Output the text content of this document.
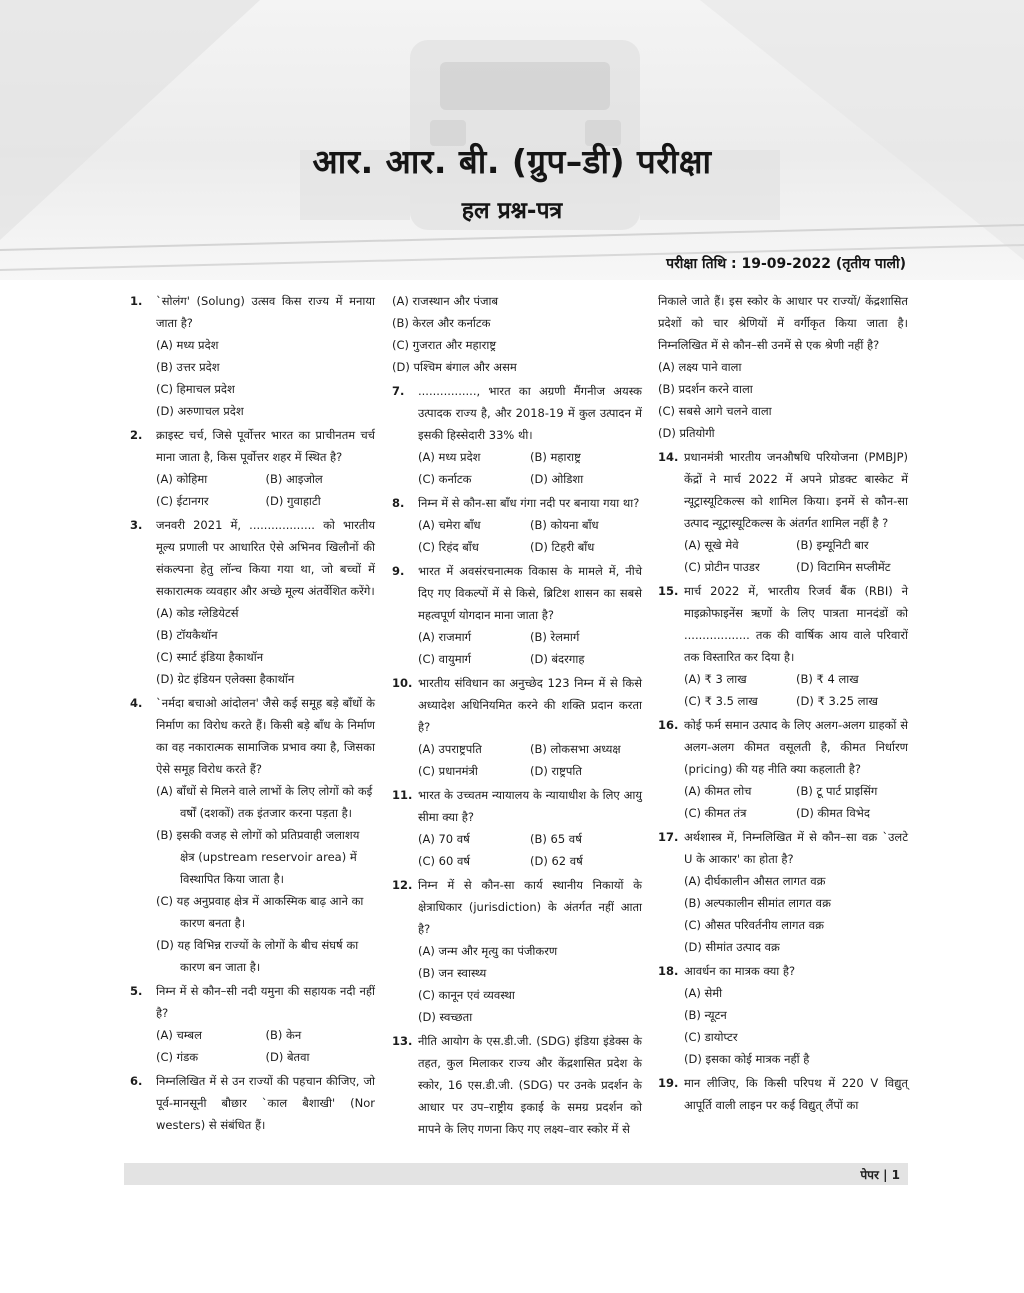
आर. आर. बी. (ग्रुप–डी) परीक्षा
हल प्रश्न-पत्र
परीक्षा तिथि : 19-09-2022 (तृतीय पाली)
1. `सोलंग' (Solung) उत्सव किस राज्य में मनाया जाता है?
(A) मध्य प्रदेश
(B) उत्तर प्रदेश
(C) हिमाचल प्रदेश
(D) अरुणाचल प्रदेश
2. क्राइस्ट चर्च, जिसे पूर्वोत्तर भारत का प्राचीनतम चर्च माना जाता है, किस पूर्वोत्तर शहर में स्थित है?
(A) कोहिमा	(B) आइजोल
(C) ईटानगर	(D) गुवाहाटी
3. जनवरी 2021 में, .................. को भारतीय मूल्य प्रणाली पर आधारित ऐसे अभिनव खिलौनों की संकल्पना हेतु लॉन्च किया गया था, जो बच्चों में सकारात्मक व्यवहार और अच्छे मूल्य अंतर्वेशित करेंगे।
(A) कोड ग्लेडियेटर्स
(B) टॉयकैथॉन
(C) स्मार्ट इंडिया हैकाथॉन
(D) ग्रेट इंडियन एलेक्सा हैकाथॉन
4. `नर्मदा बचाओ आंदोलन' जैसे कई समूह बड़े बाँधों के निर्माण का विरोध करते हैं। किसी बड़े बाँध के निर्माण का वह नकारात्मक सामाजिक प्रभाव क्या है, जिसका ऐसे समूह विरोध करते हैं?
(A) बाँधों से मिलने वाले लाभों के लिए लोगों को कई वर्षों (दशकों) तक इंतजार करना पड़ता है।
(B) इसकी वजह से लोगों को प्रतिप्रवाही जलाशय क्षेत्र (upstream reservoir area) में विस्थापित किया जाता है।
(C) यह अनुप्रवाह क्षेत्र में आकस्मिक बाढ़ आने का कारण बनता है।
(D) यह विभिन्न राज्यों के लोगों के बीच संघर्ष का कारण बन जाता है।
5. निम्न में से कौन–सी नदी यमुना की सहायक नदी नहीं है?
(A) चम्बल	(B) केन
(C) गंडक	(D) बेतवा
6. निम्नलिखित में से उन राज्यों की पहचान कीजिए, जो पूर्व-मानसूनी बौछार `काल बैशाखी' (Nor westers) से संबंधित हैं।
(A) राजस्थान और पंजाब
(B) केरल और कर्नाटक
(C) गुजरात और महाराष्ट्र
(D) पश्चिम बंगाल और असम
7. ................, भारत का अग्रणी मैंगनीज अयस्क उत्पादक राज्य है, और 2018-19 में कुल उत्पादन में इसकी हिस्सेदारी 33% थी।
(A) मध्य प्रदेश	(B) महाराष्ट्र
(C) कर्नाटक	(D) ओडिशा
8. निम्न में से कौन-सा बाँध गंगा नदी पर बनाया गया था?
(A) चमेरा बाँध	(B) कोयना बाँध
(C) रिहंद बाँध	(D) टिहरी बाँध
9. भारत में अवसंरचनात्मक विकास के मामले में, नीचे दिए गए विकल्पों में से किसे, ब्रिटिश शासन का सबसे महत्वपूर्ण योगदान माना जाता है?
(A) राजमार्ग	(B) रेलमार्ग
(C) वायुमार्ग	(D) बंदरगाह
10. भारतीय संविधान का अनुच्छेद 123 निम्न में से किसे अध्यादेश अधिनियमित करने की शक्ति प्रदान करता है?
(A) उपराष्ट्रपति	(B) लोकसभा अध्यक्ष
(C) प्रधानमंत्री	(D) राष्ट्रपति
11. भारत के उच्चतम न्यायालय के न्यायाधीश के लिए आयु सीमा क्या है?
(A) 70 वर्ष	(B) 65 वर्ष
(C) 60 वर्ष	(D) 62 वर्ष
12. निम्न में से कौन-सा कार्य स्थानीय निकायों के क्षेत्राधिकार (jurisdiction) के अंतर्गत नहीं आता है?
(A) जन्म और मृत्यु का पंजीकरण
(B) जन स्वास्थ्य
(C) कानून एवं व्यवस्था
(D) स्वच्छता
13. नीति आयोग के एस.डी.जी. (SDG) इंडिया इंडेक्स के तहत, कुल मिलाकर राज्य और केंद्रशासित प्रदेश के स्कोर, 16 एस.डी.जी. (SDG) पर उनके प्रदर्शन के आधार पर उप–राष्ट्रीय इकाई के समग्र प्रदर्शन को मापने के लिए गणना किए गए लक्ष्य–वार स्कोर में से
निकाले जाते हैं। इस स्कोर के आधार पर राज्यों/ केंद्रशासित प्रदेशों को चार श्रेणियों में वर्गीकृत किया जाता है। निम्नलिखित में से कौन–सी उनमें से एक श्रेणी नहीं है?
(A) लक्ष्य पाने वाला
(B) प्रदर्शन करने वाला
(C) सबसे आगे चलने वाला
(D) प्रतियोगी
14. प्रधानमंत्री भारतीय जनऔषधि परियोजना (PMBJP) केंद्रों ने मार्च 2022 में अपने प्रोडक्ट बास्केट में न्यूट्रास्यूटिकल्स को शामिल किया। इनमें से कौन-सा उत्पाद न्यूट्रास्यूटिकल्स के अंतर्गत शामिल नहीं है ?
(A) सूखे मेवे	(B) इम्यूनिटी बार
(C) प्रोटीन पाउडर	(D) विटामिन सप्लीमेंट
15. मार्च 2022 में, भारतीय रिजर्व बैंक (RBI) ने माइक्रोफाइनेंस ऋणों के लिए पात्रता मानदंडों को .................. तक की वार्षिक आय वाले परिवारों तक विस्तारित कर दिया है।
(A) ₹ 3 लाख	(B) ₹ 4 लाख
(C) ₹ 3.5 लाख	(D) ₹ 3.25 लाख
16. कोई फर्म समान उत्पाद के लिए अलग-अलग ग्राहकों से अलग-अलग कीमत वसूलती है, कीमत निर्धारण (pricing) की यह नीति क्या कहलाती है?
(A) कीमत लोच	(B) टू पार्ट प्राइसिंग
(C) कीमत तंत्र	(D) कीमत विभेद
17. अर्थशास्त्र में, निम्नलिखित में से कौन–सा वक्र `उलटे U के आकार' का होता है?
(A) दीर्घकालीन औसत लागत वक्र
(B) अल्पकालीन सीमांत लागत वक्र
(C) औसत परिवर्तनीय लागत वक्र
(D) सीमांत उत्पाद वक्र
18. आवर्धन का मात्रक क्या है?
(A) सेमी
(B) न्यूटन
(C) डायोप्टर
(D) इसका कोई मात्रक नहीं है
19. मान लीजिए, कि किसी परिपथ में 220 V विद्युत् आपूर्ति वाली लाइन पर कई विद्युत् लैंपों का
पेपर | 1
